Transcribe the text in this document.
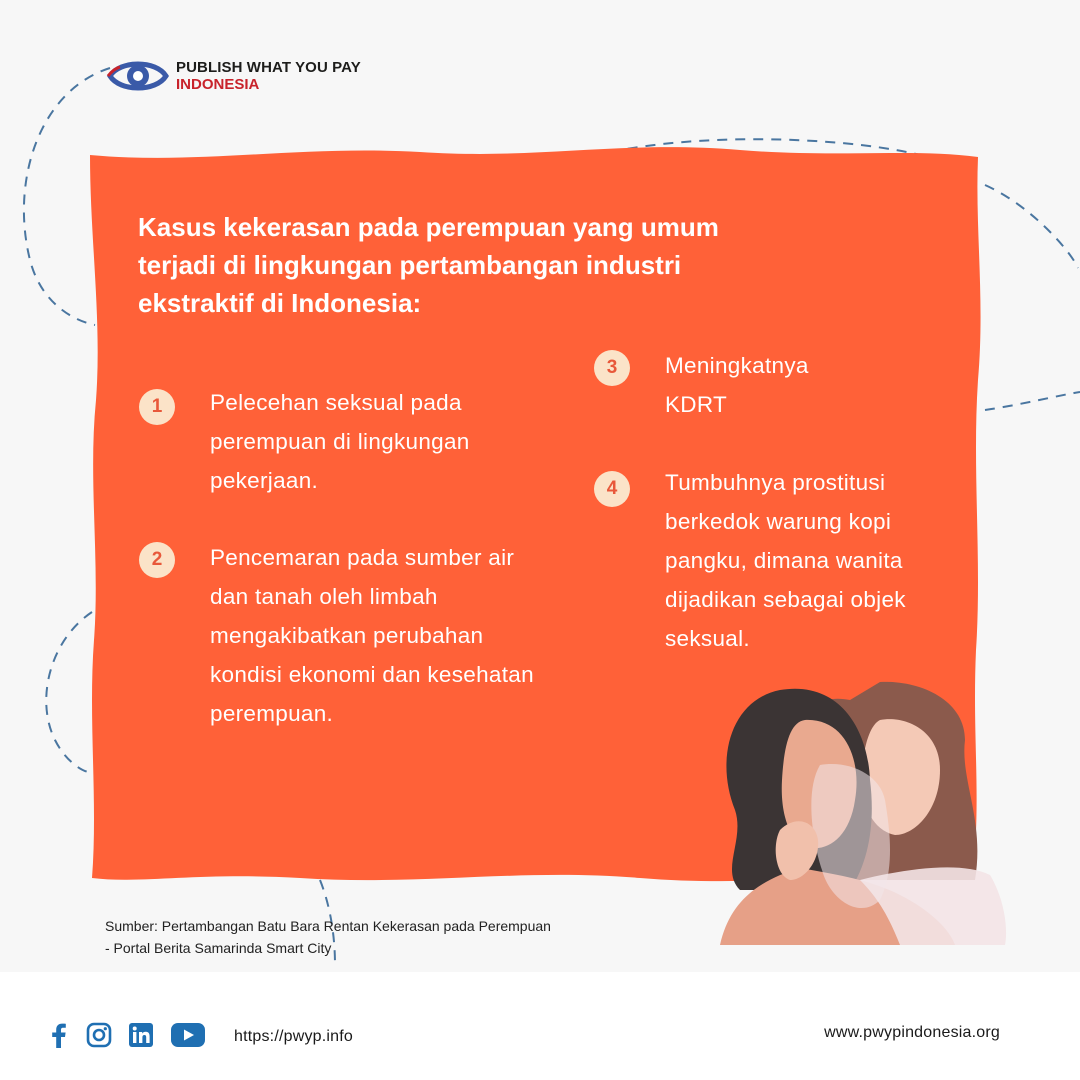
PUBLISH WHAT YOU PAY
INDONESIA
Kasus kekerasan pada perempuan yang umum terjadi di lingkungan pertambangan industri ekstraktif di Indonesia:
1	Pelecehan seksual pada
perempuan di lingkungan
pekerjaan.
2	Pencemaran pada sumber air
dan tanah oleh limbah
mengakibatkan perubahan
kondisi ekonomi dan kesehatan
perempuan.
3	Meningkatnya
KDRT
4	Tumbuhnya prostitusi
berkedok warung kopi
pangku, dimana wanita
dijadikan sebagai objek
seksual.
Sumber: Pertambangan Batu Bara Rentan Kekerasan pada Perempuan
- Portal Berita Samarinda Smart City
https://pwyp.info	www.pwypindonesia.org
